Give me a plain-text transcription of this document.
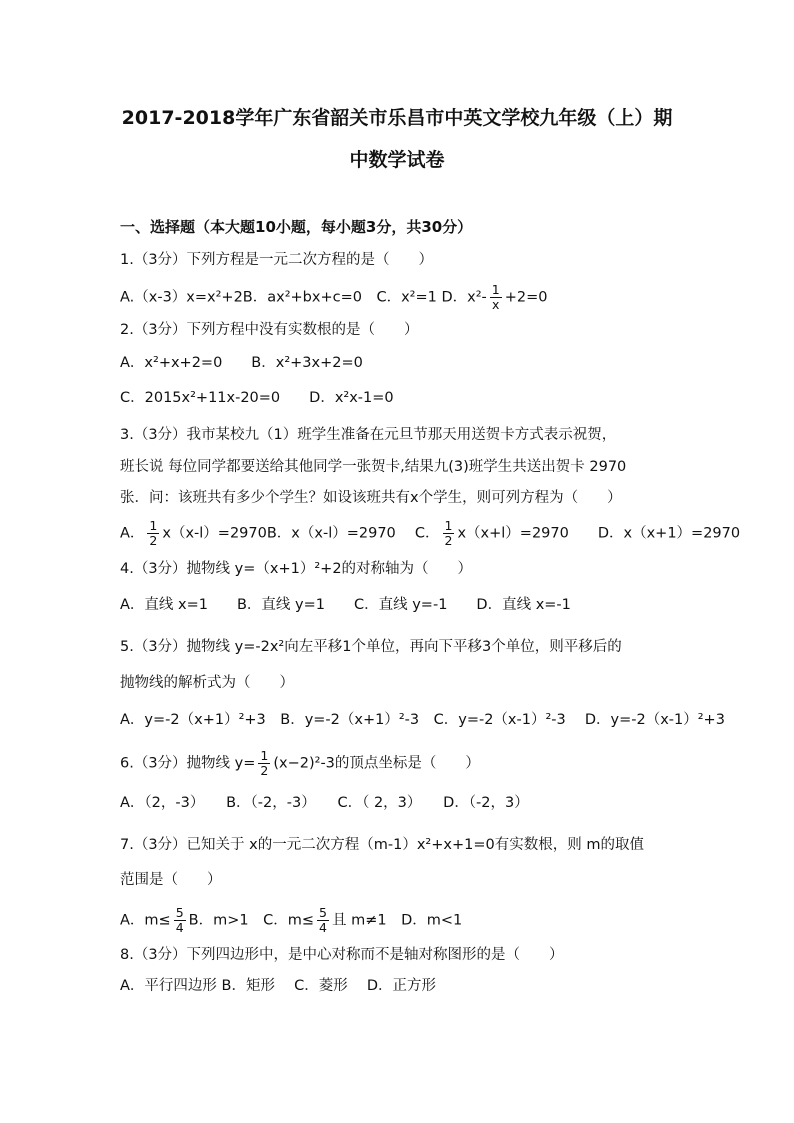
2017-2018学年广东省韶关市乐昌市中英文学校九年级（上）期
中数学试卷
一、选择题（本大题10小题，每小题3分，共30分）
1.（3分）下列方程是一元二次方程的是（　　）
A.（x-3）x=x²+2B．ax²+bx+c=0　C．x²=1 D．$x^2- \frac{1}{x} +2=0$
2.（3分）下列方程中没有实数根的是（　　）
A．x²+x+2=0　　B．x²+3x+2=0
C．2015x²+11x-20=0　　D．x²x-1=0
3.（3分）我市某校九（1）班学生准备在元旦节那天用送贺卡方式表示祝贺，
班长说 每位同学都要送给其他同学一张贺卡,结果九(3)班学生共送出贺卡 2970
张．问：该班共有多少个学生？如设该班共有x个学生，则可列方程为（　　）
A． $\frac{1}{2} x(x-l)=2970B$．x（x-l）=2970　 C． $\frac{1}{2} x(x+l)=2970$　　D．x（x+1）=2970
4.（3分）抛物线 y=（x+1）²+2的对称轴为（　　）
A．直线 x=1　　B．直线 y=1　　C．直线 y=-1　　D．直线 x=-1
5.（3分）抛物线 y=-2x²向左平移1个单位，再向下平移3个单位，则平移后的
抛物线的解析式为（　　）
A．y=-2（x+1）²+3　B．y=-2（x+1）²-3　C．y=-2（x-1）²-3　 D．y=-2（x-1）²+3
6.（3分）抛物线 $y= \frac{1}{2} (x-2)^2-3$的顶点坐标是（　　）
A．（2，-3）　　B．（-2，-3）　　C．（ 2，3）　　D．（-2，3）
7.（3分）已知关于 x的一元二次方程（m-1）x²+x+1=0有实数根，则 m的取值
范围是（　　）
A．$m\le \frac{5}{4}$ B．m>1　C．$m\le \frac{5}{4}$ 且 m≠1　D．m<1
8.（3分）下列四边形中，是中心对称而不是轴对称图形的是（　　）
A．平行四边形 B．矩形　 C．菱形　 D．正方形
